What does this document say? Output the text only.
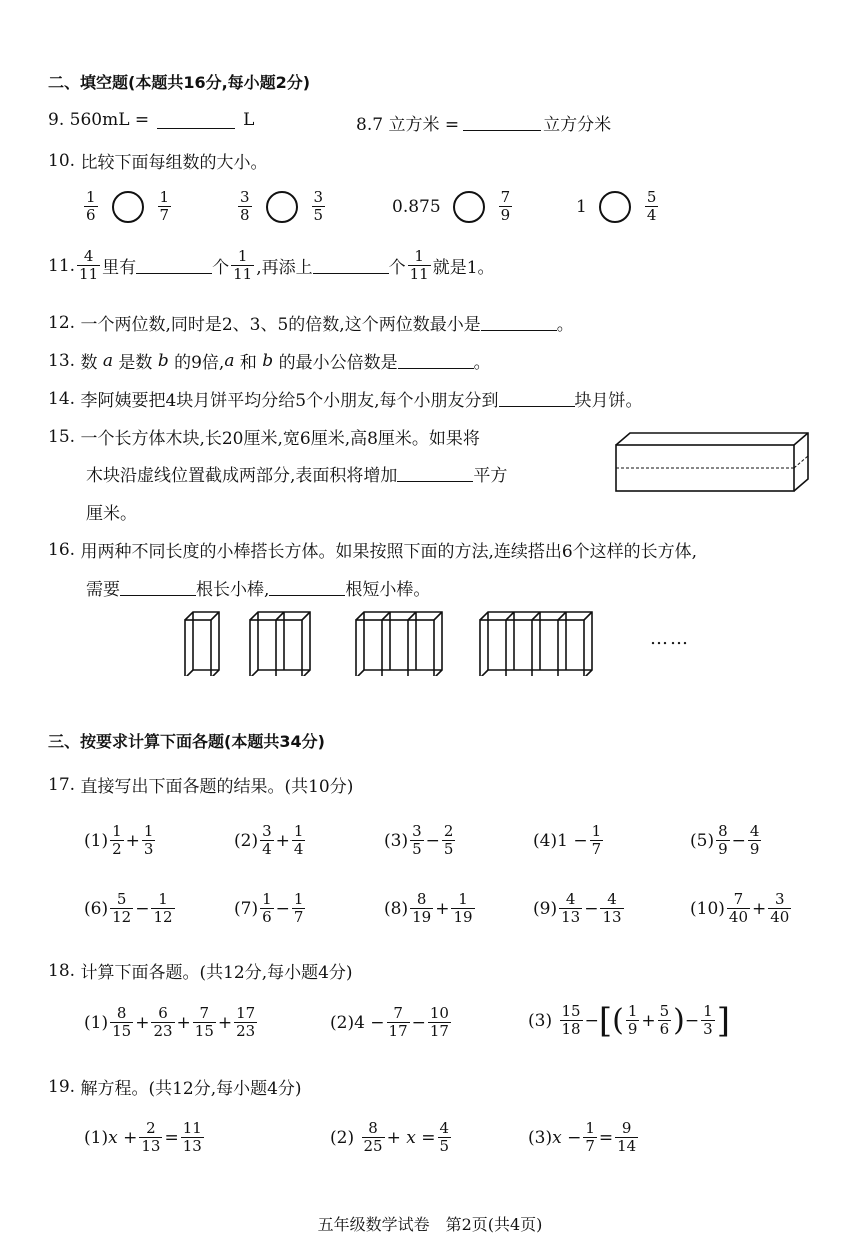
二、填空题(本题共16分,每小题2分)
9.
560mL =	L	8.7 立方米 =	立方分米
10.
比较下面每组数的大小。
$\frac{1}{6}$	$\frac{1}{7}$	$\frac{3}{8}$	$\frac{3}{5}$	0.875	$\frac{7}{9}$	1	$\frac{5}{4}$
11. $\frac{4}{11}$ 里有	个 $\frac{1}{11}$ ,再添上	个 $\frac{1}{11}$ 就是1。
12.
一个两位数,同时是2、3、5的倍数,这个两位数最小是	。
13.
数
a
是数
b
的9倍, a
和
b
的最小公倍数是	。
14.
李阿姨要把4块月饼平均分给5个小朋友,每个小朋友分到	块月饼。
15.
一个长方体木块,长20厘米,宽6厘米,高8厘米。如果将
木块沿虚线位置截成两部分,表面积将增加	平方
厘米。
16.
用两种不同长度的小棒搭长方体。如果按照下面的方法,连续搭出6个这样的长方体,
需要	根长小棒,	根短小棒。
……
三、按要求计算下面各题(本题共34分)
17.
直接写出下面各题的结果。(共10分)
$(1) \frac{1}{2} + \frac{1}{3}$	$(2) \frac{3}{4} + \frac{1}{4}$	$(3) \frac{3}{5} - \frac{2}{5}$	(4) 1
− $\frac{1}{7}$	$(5) \frac{8}{9} - \frac{4}{9}$
$(6) \frac{5}{12} - \frac{1}{12}$	$(7) \frac{1}{6} - \frac{1}{7}$	$(8) \frac{8}{19} + \frac{1}{19}$	$(9) \frac{4}{13} - \frac{4}{13}$	$(10) \frac{7}{40} + \frac{3}{40}$
18.
计算下面各题。(共12分,每小题4分)
$(1) \frac{8}{15} + \frac{6}{23} + \frac{7}{15} + \frac{17}{23}$	$(2)4 - \frac{7}{17} - \frac{10}{17}$	(3)
$\frac{15}{18}$ − [ ( $\frac{1}{9} + \frac{5}{6}$ ) − $\frac{1}{3}$ ]
19.
解方程。(共12分,每小题4分)
(1) x
+ $\frac{2}{13} = \frac{11}{13}$	(2)
$\frac{8}{25}$ +
x
= $\frac{4}{5}$	(3) x
− $\frac{1}{7} = \frac{9}{14}$
五年级数学试卷　第2页(共4页)
